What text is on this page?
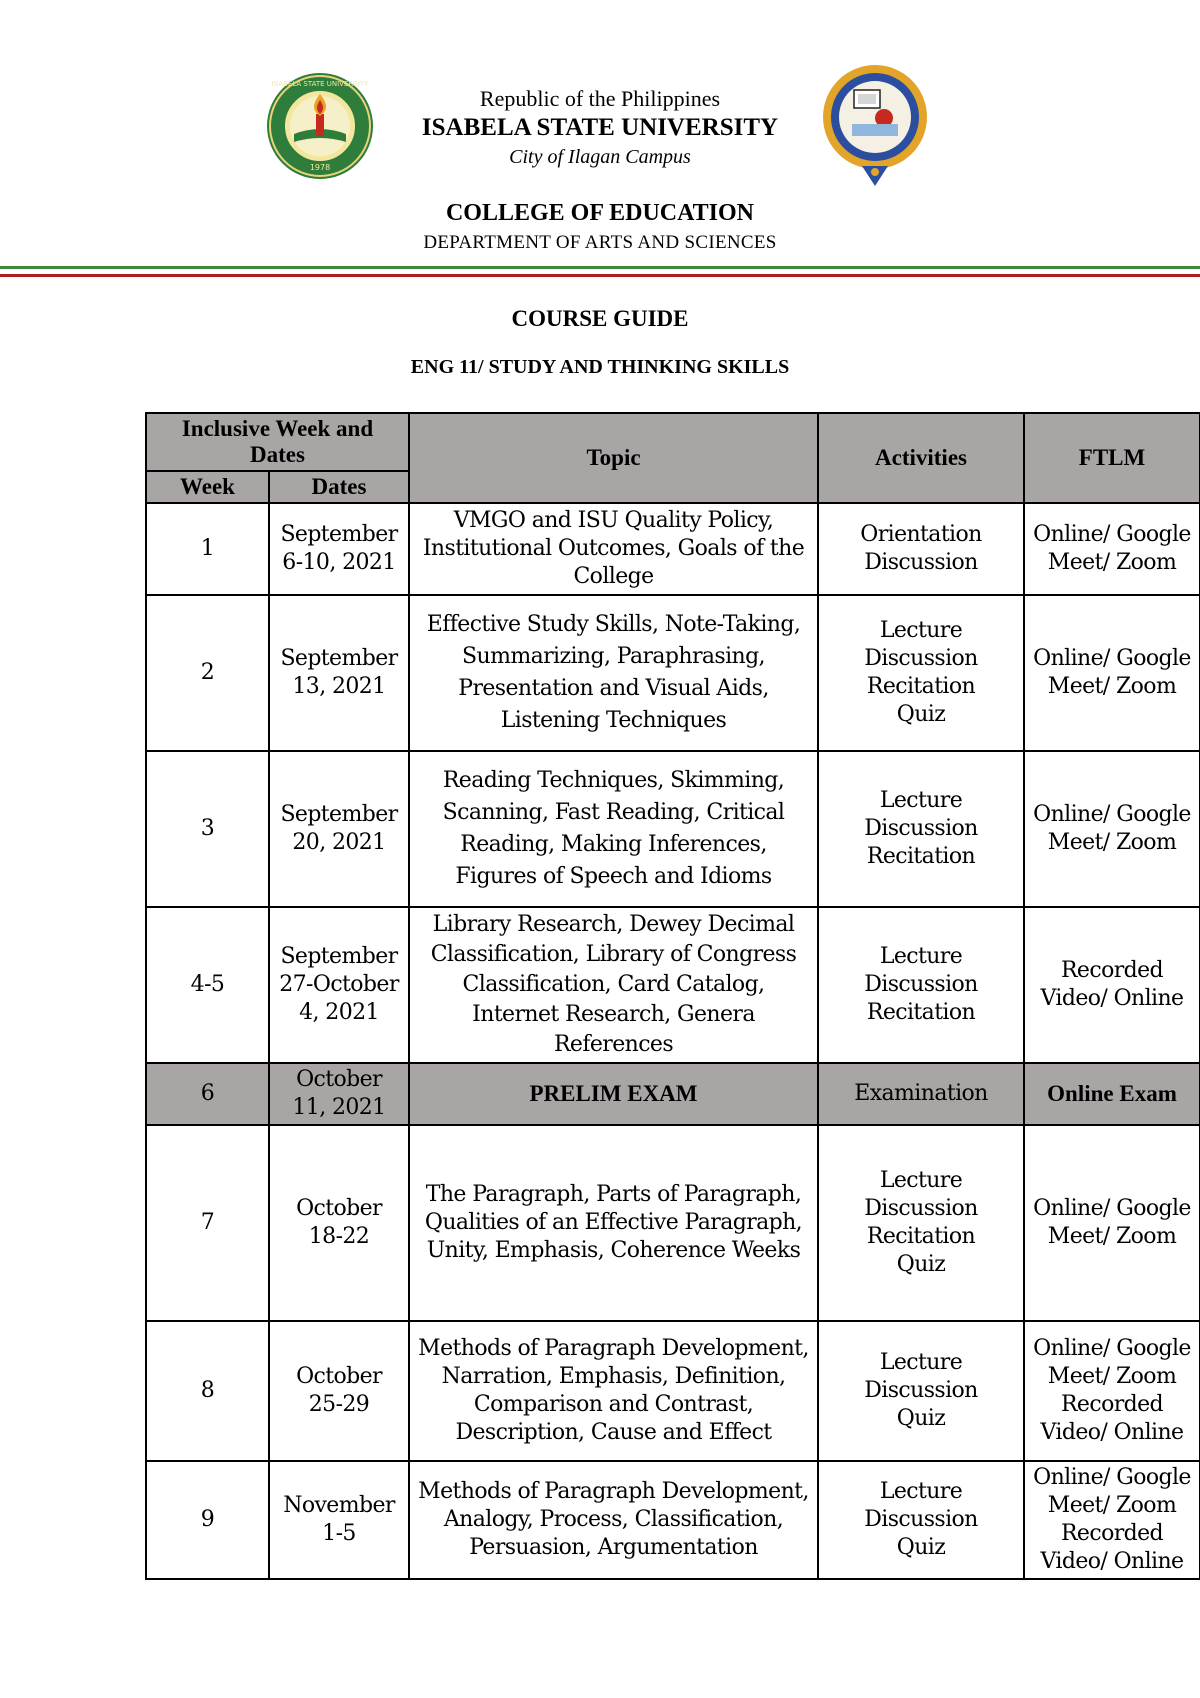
1978
ISABELA STATE UNIVERSITY
Republic of the Philippines
ISABELA STATE UNIVERSITY
City of Ilagan Campus
COLLEGE OF EDUCATION
DEPARTMENT OF ARTS AND SCIENCES
COURSE GUIDE
ENG 11/ STUDY AND THINKING SKILLS
Inclusive Week and Dates		Topic	Activities	FTLM
Week	Dates			
1	September 6-10, 2021	VMGO and ISU Quality Policy, Institutional Outcomes, Goals of the College	Orientation
Discussion	Online/ Google Meet/ Zoom
2	September 13, 2021	Effective Study Skills, Note-Taking, Summarizing, Paraphrasing, Presentation and Visual Aids, Listening Techniques	Lecture
Discussion
Recitation
Quiz	Online/ Google Meet/ Zoom
3	September 20, 2021	Reading Techniques, Skimming, Scanning, Fast Reading, Critical Reading, Making Inferences, Figures of Speech and Idioms	Lecture
Discussion
Recitation	Online/ Google Meet/ Zoom
4-5	September 27-October 4, 2021	Library Research, Dewey Decimal Classification, Library of Congress Classification, Card Catalog, Internet Research, Genera References	Lecture
Discussion
Recitation	Recorded Video/ Online
6	October 11, 2021	PRELIM EXAM	Examination	Online Exam
7	October 18-22	The Paragraph, Parts of Paragraph, Qualities of an Effective Paragraph, Unity, Emphasis, Coherence Weeks	Lecture
Discussion
Recitation
Quiz	Online/ Google Meet/ Zoom
8	October 25-29	Methods of Paragraph Development, Narration, Emphasis, Definition, Comparison and Contrast, Description, Cause and Effect	Lecture
Discussion
Quiz	Online/ Google Meet/ Zoom Recorded Video/ Online
9	November 1-5	Methods of Paragraph Development, Analogy, Process, Classification, Persuasion, Argumentation	Lecture
Discussion
Quiz	Online/ Google Meet/ Zoom Recorded Video/ Online
